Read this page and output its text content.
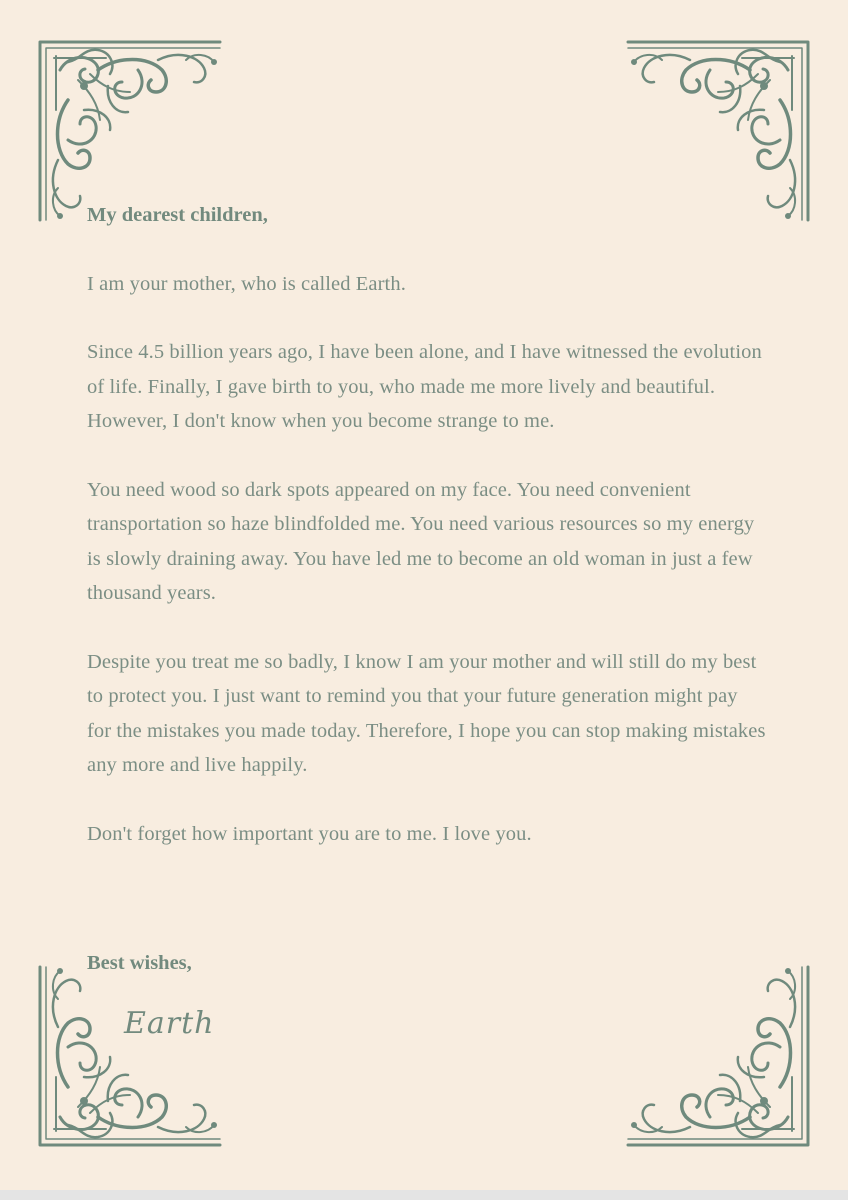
My dearest children,

I am your mother, who is called Earth.

Since 4.5 billion years ago, I have been alone, and I have witnessed the evolution of life. Finally, I gave birth to you, who made me more lively and beautiful. However, I don't know when you become strange to me.

You need wood so dark spots appeared on my face. You need convenient transportation so haze blindfolded me. You need various resources so my energy is slowly draining away. You have led me to become an old woman in just a few thousand years.

Despite you treat me so badly, I know I am your mother and will still do my best to protect you. I just want to remind you that your future generation might pay for the mistakes you made today. Therefore, I hope you can stop making mistakes any more and live happily.

Don't forget how important you are to me. I love you.

Best wishes,
Earth
